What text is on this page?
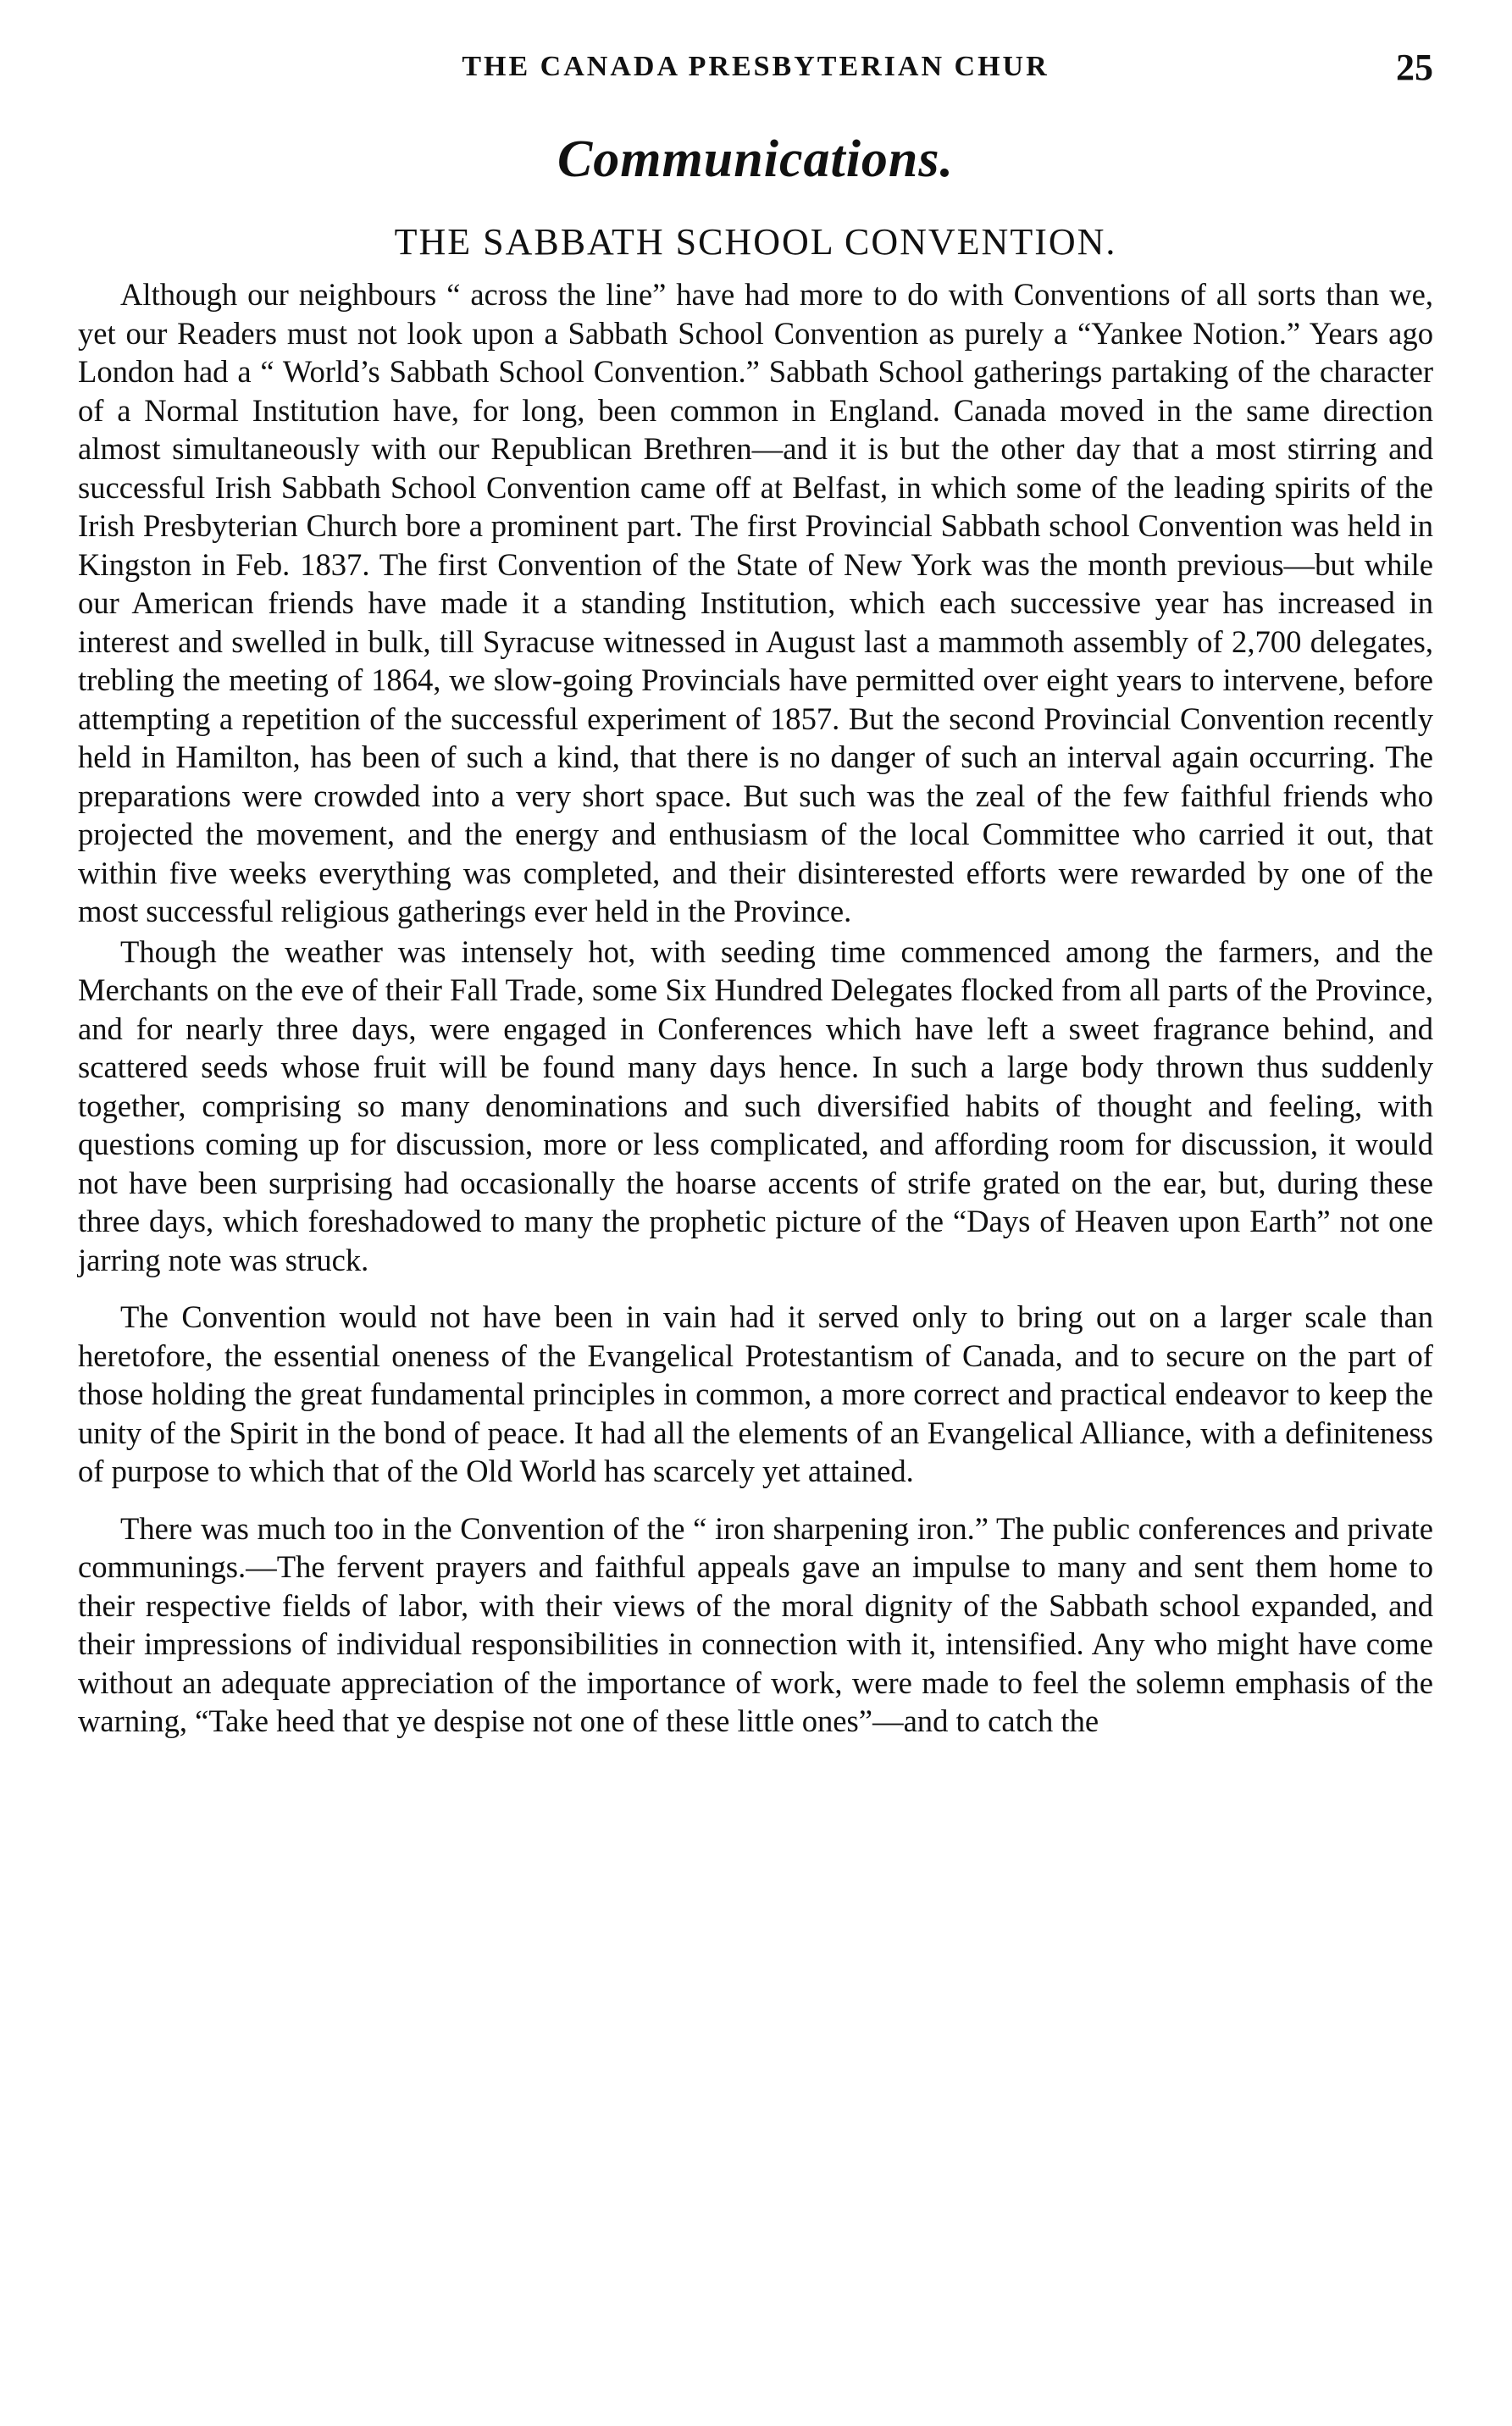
THE CANADA PRESBYTERIAN CHUR	25
Communications.
THE SABBATH SCHOOL CONVENTION.

Although our neighbours “ across the line” have had more to do with Conventions of all sorts than we, yet our Readers must not look upon a Sabbath School Convention as purely a “Yankee Notion.” Years ago London had a “ World’s Sabbath School Convention.” Sabbath School gatherings partaking of the character of a Normal Institution have, for long, been common in England. Canada moved in the same direction almost simultaneously with our Republican Brethren—and it is but the other day that a most stirring and successful Irish Sabbath School Convention came off at Belfast, in which some of the leading spirits of the Irish Presbyterian Church bore a prominent part. The first Provincial Sabbath school Convention was held in Kingston in Feb. 1837. The first Convention of the State of New York was the month previous—but while our American friends have made it a standing Institution, which each successive year has increased in interest and swelled in bulk, till Syracuse witnessed in August last a mammoth assembly of 2,700 delegates, trebling the meeting of 1864, we slow-going Provincials have permitted over eight years to intervene, before attempting a repetition of the successful experiment of 1857. But the second Provincial Convention recently held in Hamilton, has been of such a kind, that there is no danger of such an interval again occurring. The preparations were crowded into a very short space. But such was the zeal of the few faithful friends who projected the movement, and the energy and enthusiasm of the local Committee who carried it out, that within five weeks everything was completed, and their disinterested efforts were rewarded by one of the most successful religious gatherings ever held in the Province.

Though the weather was intensely hot, with seeding time commenced among the farmers, and the Merchants on the eve of their Fall Trade, some Six Hundred Delegates flocked from all parts of the Province, and for nearly three days, were engaged in Conferences which have left a sweet fragrance behind, and scattered seeds whose fruit will be found many days hence. In such a large body thrown thus suddenly together, comprising so many denominations and such diversified habits of thought and feeling, with questions coming up for discussion, more or less complicated, and affording room for discussion, it would not have been surprising had occasionally the hoarse accents of strife grated on the ear, but, during these three days, which foreshadowed to many the prophetic picture of the “Days of Heaven upon Earth” not one jarring note was struck.

The Convention would not have been in vain had it served only to bring out on a larger scale than heretofore, the essential oneness of the Evangelical Protestantism of Canada, and to secure on the part of those holding the great fundamental principles in common, a more correct and practical endeavor to keep the unity of the Spirit in the bond of peace. It had all the elements of an Evangelical Alliance, with a definiteness of purpose to which that of the Old World has scarcely yet attained.

There was much too in the Convention of the “ iron sharpening iron.” The public conferences and private communings.—The fervent prayers and faithful appeals gave an impulse to many and sent them home to their respective fields of labor, with their views of the moral dignity of the Sabbath school expanded, and their impressions of individual responsibilities in connection with it, intensified. Any who might have come without an adequate appreciation of the importance of work, were made to feel the solemn emphasis of the warning, “Take heed that ye despise not one of these little ones”—and to catch the
